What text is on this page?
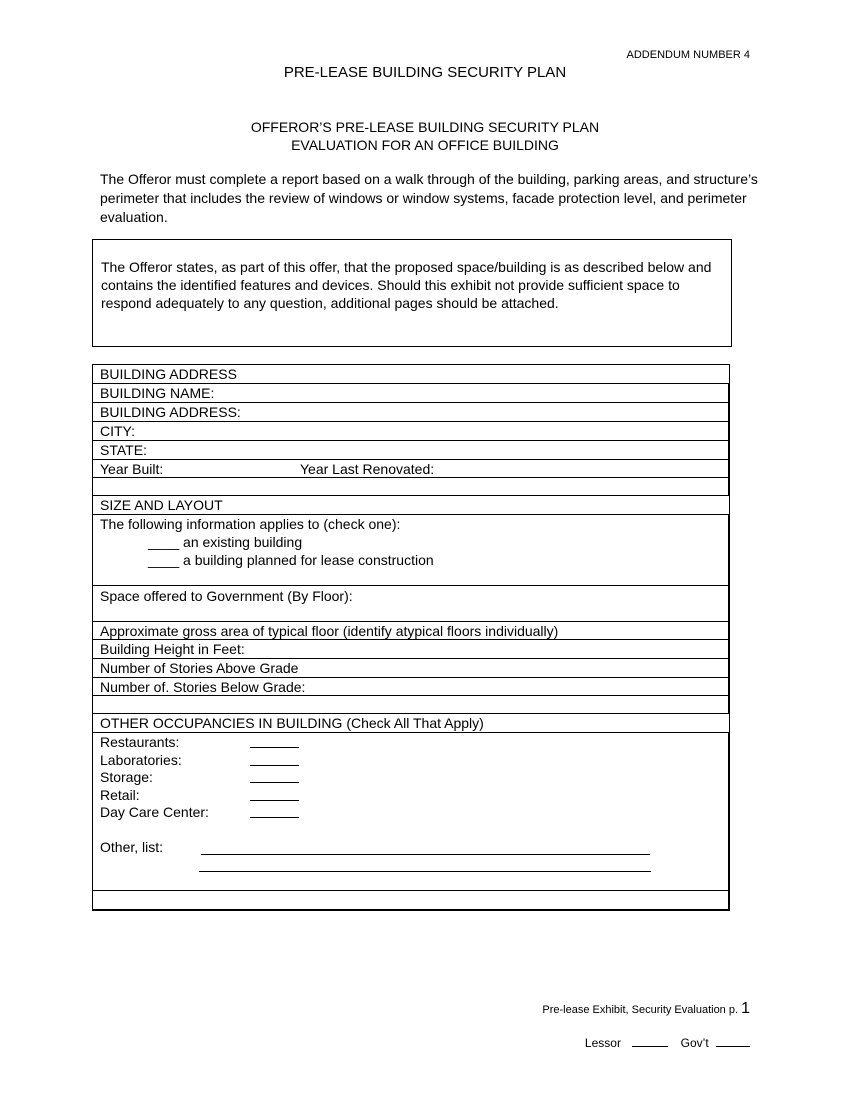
ADDENDUM NUMBER 4
PRE-LEASE BUILDING SECURITY PLAN
OFFEROR’S PRE-LEASE BUILDING SECURITY PLAN
EVALUATION FOR AN OFFICE BUILDING
The Offeror must complete a report based on a walk through of the building, parking areas, and structure’s perimeter that includes the review of windows or window systems, facade protection level, and perimeter evaluation.

The Offeror states, as part of this offer, that the proposed space/building is as described below and contains the identified features and devices. Should this exhibit not provide sufficient space to respond adequately to any question, additional pages should be attached.

BUILDING ADDRESS
BUILDING NAME:
BUILDING ADDRESS:
CITY:
STATE:
Year Built:	Year Last Renovated:
SIZE AND LAYOUT
The following information applies to (check one):
____ an existing building
____ a building planned for lease construction
Space offered to Government (By Floor):
Approximate gross area of typical floor (identify atypical floors individually)
Building Height in Feet:
Number of Stories Above Grade
Number of. Stories Below Grade:
OTHER OCCUPANCIES IN BUILDING (Check All That Apply)
Restaurants:
Laboratories:
Storage:
Retail:
Day Care Center:
Other, list:
Pre-lease Exhibit, Security Evaluation p. 1
Lessor	Gov’t
